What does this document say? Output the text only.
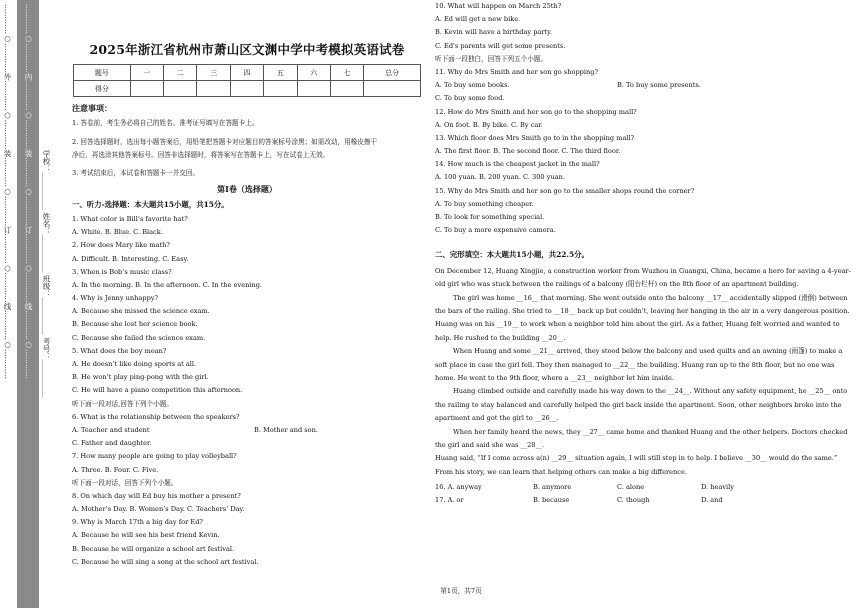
…………○…………外…………○…………装…………○…………订…………○…………线…………○………… …………○…………内…………○…………装…………○…………订…………○…………线…………○………… 学校：__________ 姓名：__________ 班级：__________ 考号：__________
2025年浙江省杭州市萧山区文渊中学中考模拟英语试卷
题号	一	二	三	四	五	六	七	总分
得分								
注意事项：
1. 答卷前，考生务必将自己的姓名、准考证号填写在答题卡上。
2. 回答选择题时，选出每小题答案后，用铅笔把答题卡对应题目的答案标号涂黑；如需改动，用橡皮擦干
净后，再选涂其他答案标号。回答非选择题时，将答案写在答题卡上，写在试卷上无效。
3. 考试结束后，本试卷和答题卡一并交回。
第Ⅰ卷（选择题）
一、听力-选择题：本大题共15小题，共15分。
1. What color is Bill’s favorite hat?
A. White. B. Blue. C. Black.
2. How does Mary like math?
A. Difficult. B. Interesting. C. Easy.
3. When is Bob’s music class?
A. In the morning. B. In the afternoon. C. In the evening.
4. Why is Jenny unhappy?
A. Because she missed the science exam.
B. Because she lost her science book.
C. Because she failed the science exam.
5. What does the boy mean?
A. He doesn’t like doing sports at all.
B. He won’t play ping-pong with the girl.
C. He will have a piano competition this afternoon.
听下面一段对话,回答下列个小题。
6. What is the relationship between the speakers?
A. Teacher and student	B. Mother and son.
C. Father and daughter.
7. How many people are going to play volleyball?
A. Three. B. Four. C. Five.
听下面一段对话，回答下列个小题。
8. On which day will Ed buy his mother a present?
A. Mother’s Day. B. Women’s Day. C. Teachers’ Day.
9. Why is March 17th a big day for Ed?
A. Because he will see his best friend Kevin.
B. Because he will organize a school art festival.
C. Because he will sing a song at the school art festival.
10. What will happen on March 25th?
A. Ed will get a new bike.
B. Kevin will have a birthday party.
C. Ed's parents will get some presents.
听下面一段独白，回答下列五个小题。
11. Why do Mrs Smith and her son go shopping?
A. To buy some books.	B. To buy some presents.
C. To buy some food.
12. How do Mrs Smith and her son go to the shopping mall?
A. On foot. B. By bike. C. By car.
13. Which floor does Mrs Smith go to in the shopping mall?
A. The first floor. B. The second floor. C. The third floor.
14. How much is the cheapest jacket in the mall?
A. 100 yuan. B. 200 yuan. C. 300 yuan.
15. Why do Mrs Smith and her son go to the smaller shops round the corner?
A. To buy something cheaper.
B. To look for something special.
C. To buy a more expensive camera.
二、完形填空：本大题共15小题，共22.5分。

On December 12, Huang Xingjie, a construction worker from Wuzhou in Guangxi, China, became a hero for saving a 4-year-old girl who was stuck between the railings of a balcony (阳台栏杆) on the 8th floor of an apartment building.

The girl was home __16__ that morning. She went outside onto the balcony __17__ accidentally slipped (滑倒) between the bars of the railing. She tried to __18__ back up but couldn’t, leaving her hanging in the air in a very dangerous position. Huang was on his __19__ to work when a neighbor told him about the girl. As a father, Huang felt worried and wanted to help. He rushed to the building __20__.

When Huang and some __21__ arrived, they stood below the balcony and used quilts and an awning (雨篷) to make a soft place in case the girl fell. They then managed to __22__ the building. Huang ran up to the 8th floor, but no one was home. He went to the 9th floor, where a __23__ neighbor let him inside.

Huang climbed outside and carefully made his way down to the __24__. Without any safety equipment, he __25__ onto the railing to stay balanced and carefully helped the girl back inside the apartment. Soon, other neighbors broke into the apartment and got the girl to __26__.

When her family heard the news, they __27__ came home and thanked Huang and the other helpers. Doctors checked the girl and said she was __28__.

Huang said, “If I come across a(n) __29__ situation again, I will still step in to help. I believe __30__ would do the same.” From his story, we can learn that helping others can make a big difference.

16. A. anyway	B. anymore	C. alone	D. heavily
17. A. or	B. because	C. though	D. and
第1页，共7页
